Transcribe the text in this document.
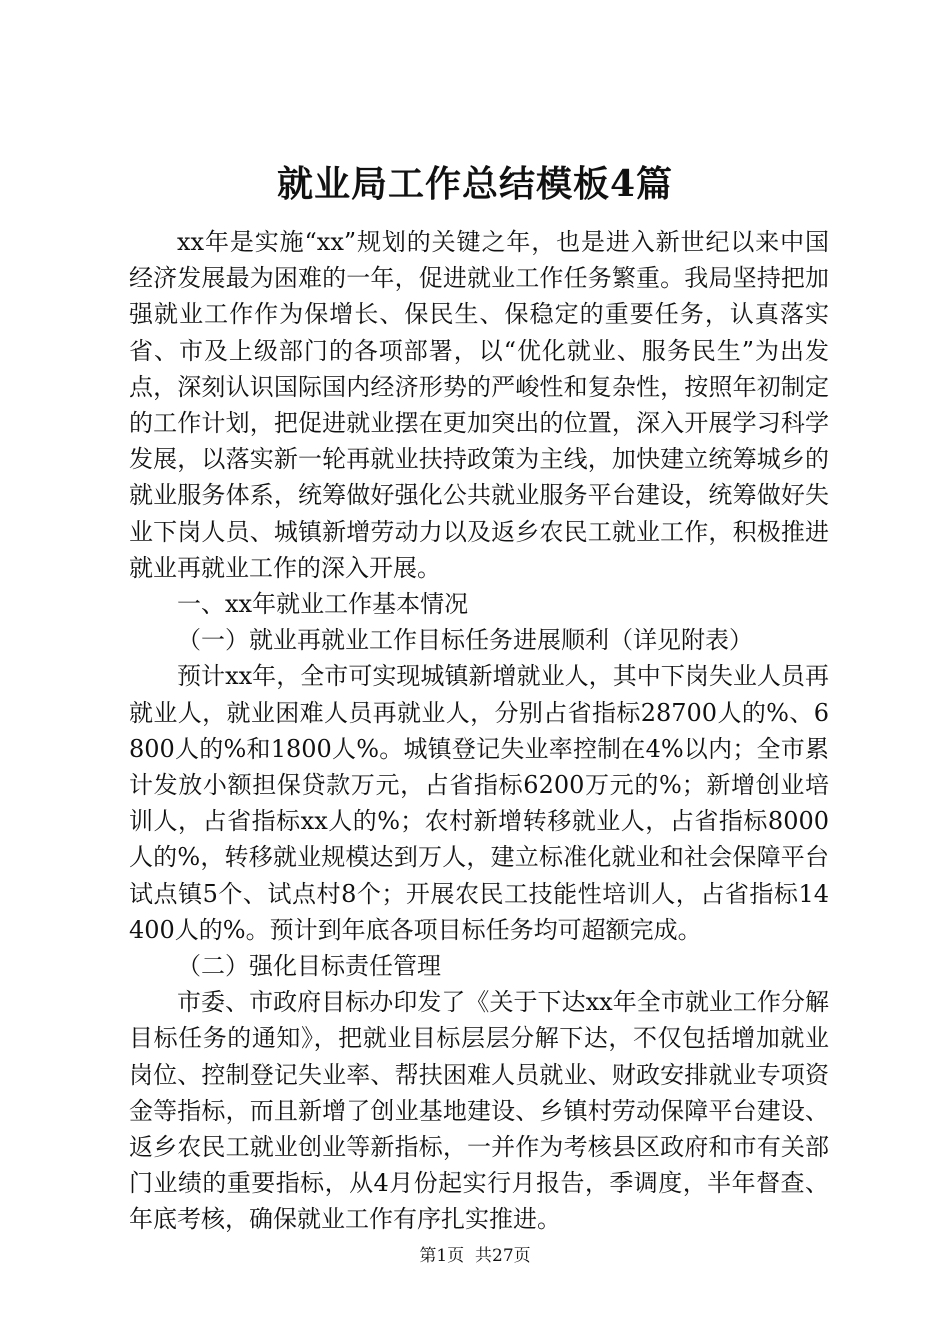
就业局工作总结模板4篇

xx年是实施“xx”规划的关键之年，也是进入新世纪以来中国经济发展最为困难的一年，促进就业工作任务繁重。我局坚持把加强就业工作作为保增长、保民生、保稳定的重要任务，认真落实省、市及上级部门的各项部署，以“优化就业、服务民生”为出发点，深刻认识国际国内经济形势的严峻性和复杂性，按照年初制定的工作计划，把促进就业摆在更加突出的位置，深入开展学习科学发展，以落实新一轮再就业扶持政策为主线，加快建立统筹城乡的就业服务体系，统筹做好强化公共就业服务平台建设，统筹做好失业下岗人员、城镇新增劳动力以及返乡农民工就业工作，积极推进就业再就业工作的深入开展。

一、xx年就业工作基本情况

（一）就业再就业工作目标任务进展顺利（详见附表）

预计xx年，全市可实现城镇新增就业人，其中下岗失业人员再就业人，就业困难人员再就业人，分别占省指标28700人的%、6800人的%和1800人%。城镇登记失业率控制在4%以内；全市累计发放小额担保贷款万元，占省指标6200万元的%；新增创业培训人，占省指标xx人的%；农村新增转移就业人，占省指标8000人的%，转移就业规模达到万人，建立标准化就业和社会保障平台试点镇5个、试点村8个；开展农民工技能性培训人，占省指标14400人的%。预计到年底各项目标任务均可超额完成。

（二）强化目标责任管理

市委、市政府目标办印发了《关于下达xx年全市就业工作分解目标任务的通知》，把就业目标层层分解下达，不仅包括增加就业岗位、控制登记失业率、帮扶困难人员就业、财政安排就业专项资金等指标，而且新增了创业基地建设、乡镇村劳动保障平台建设、返乡农民工就业创业等新指标，一并作为考核县区政府和市有关部门业绩的重要指标，从4月份起实行月报告，季调度，半年督查、年底考核，确保就业工作有序扎实推进。

第1页 共27页
